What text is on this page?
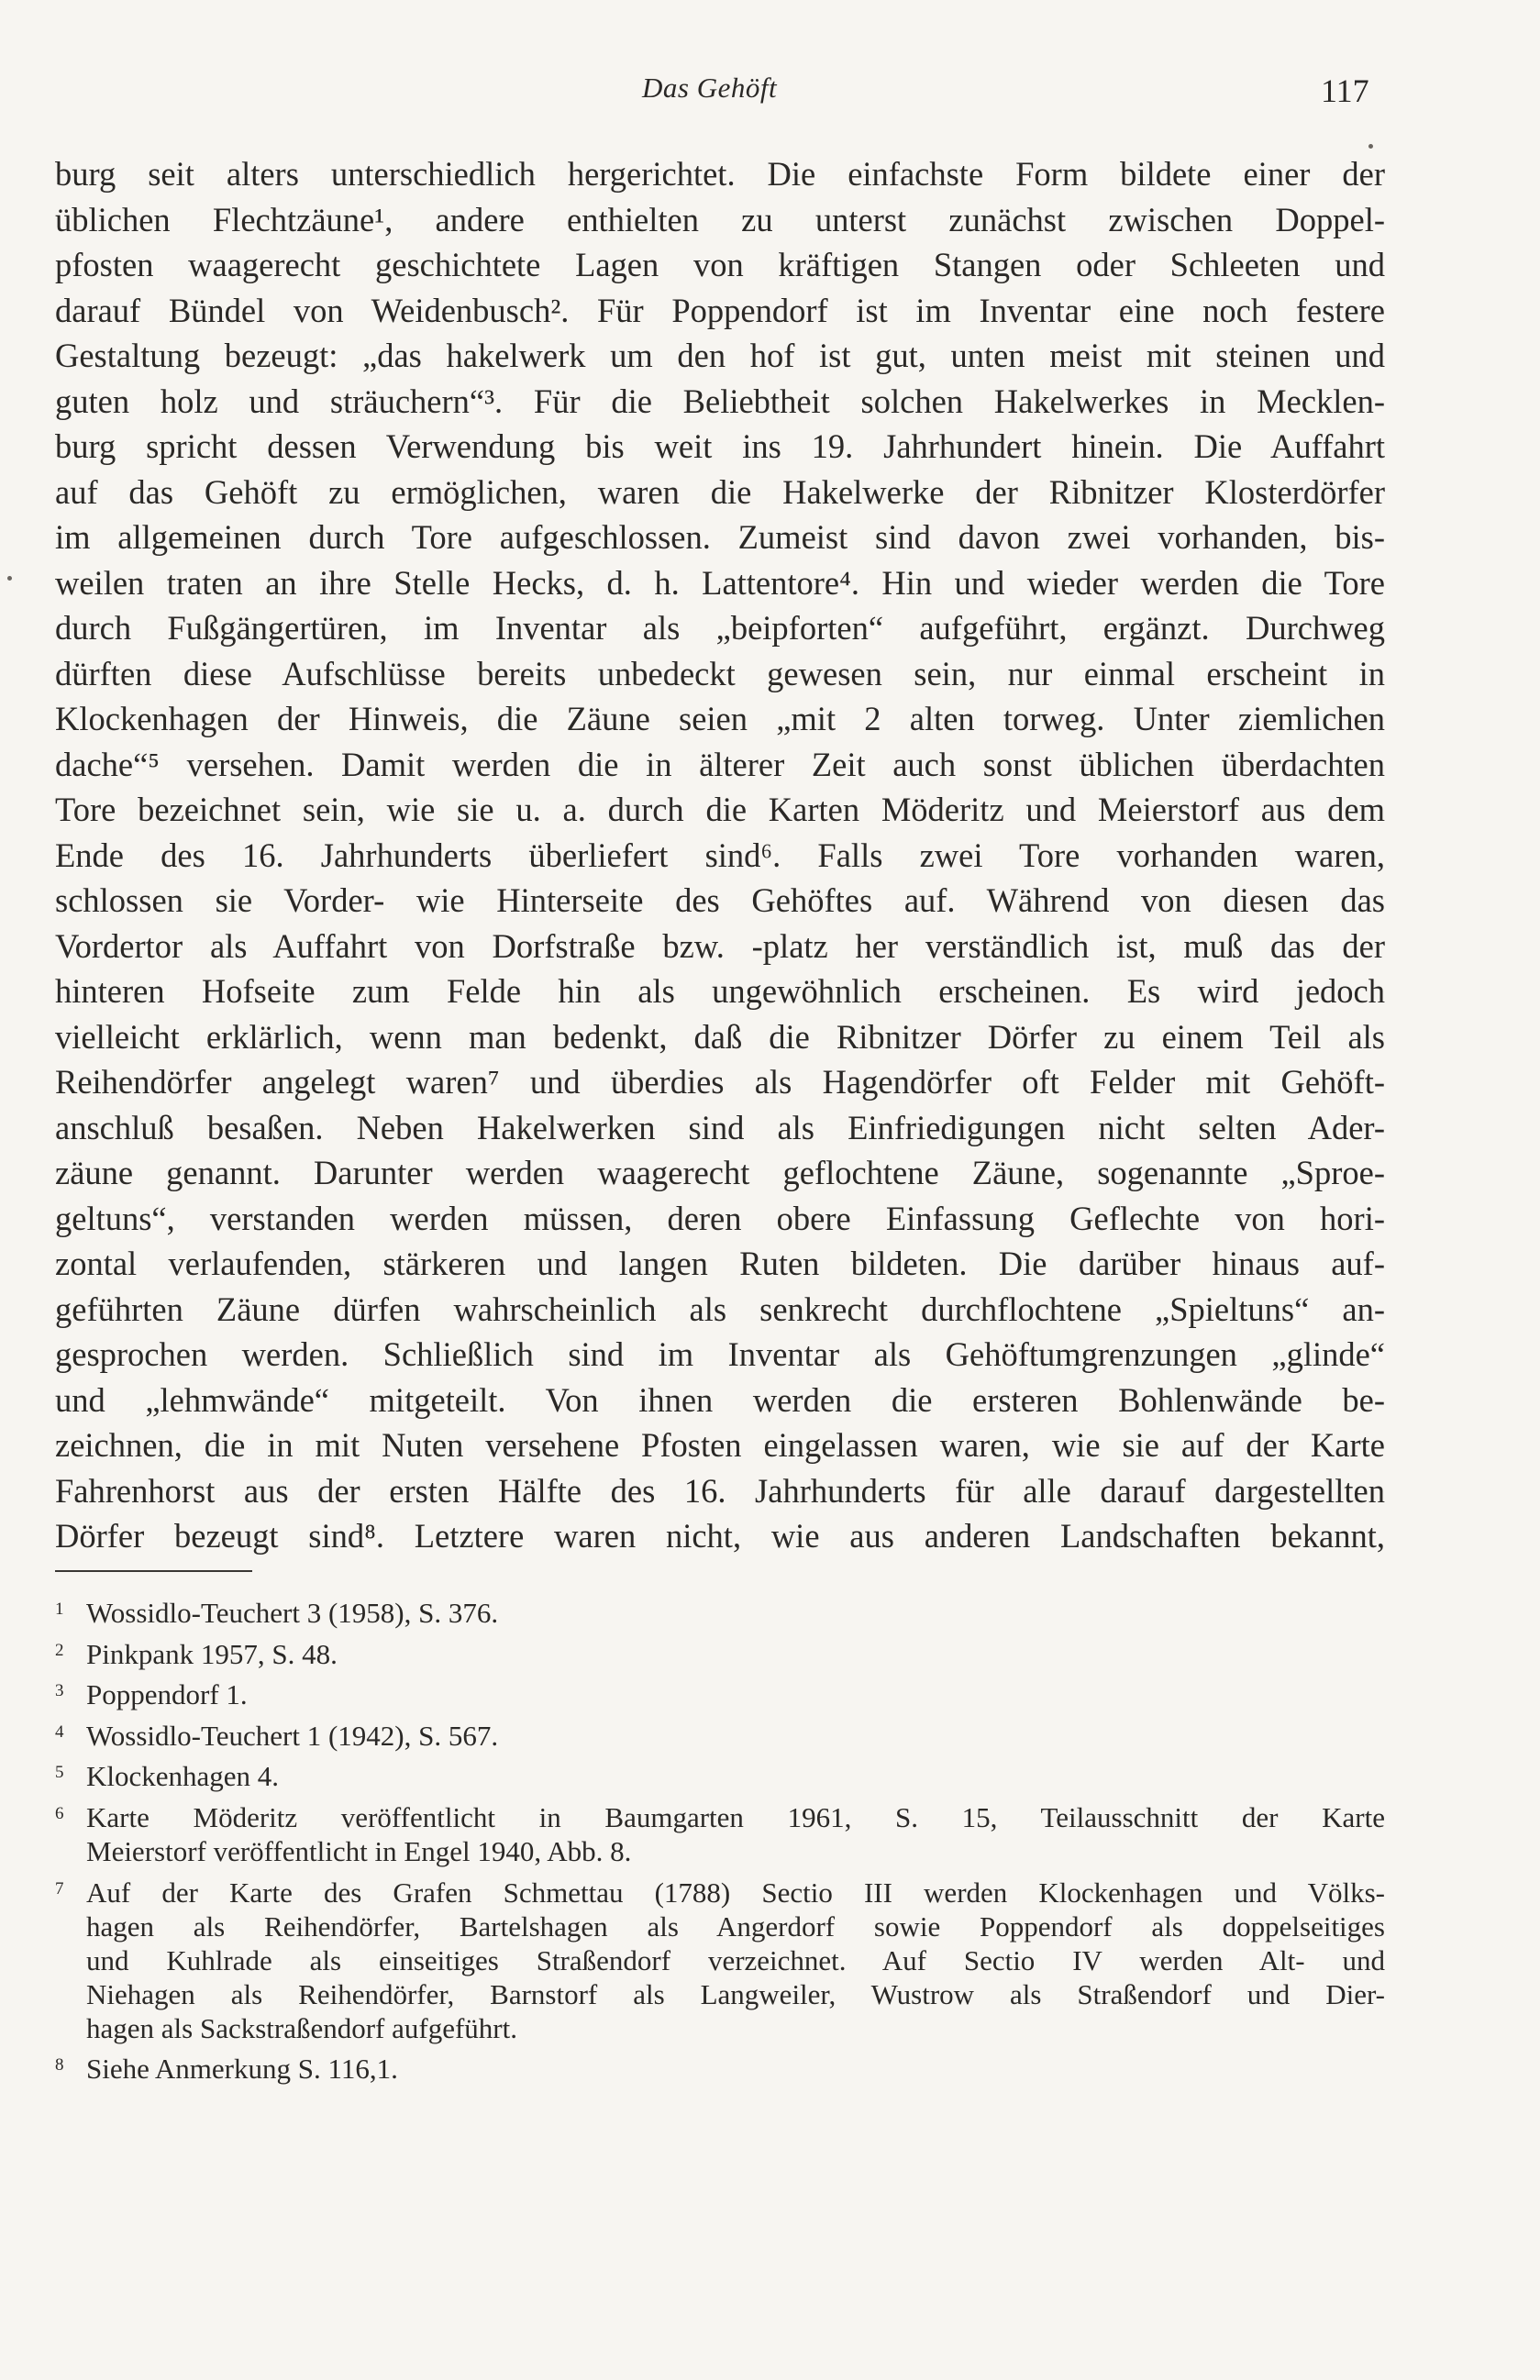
Das Gehöft	117
burg seit alters unterschiedlich hergerichtet. Die einfachste Form bildete einer der
üblichen Flechtzäune¹, andere enthielten zu unterst zunächst zwischen Doppel-
pfosten waagerecht geschichtete Lagen von kräftigen Stangen oder Schleeten und
darauf Bündel von Weidenbusch². Für Poppendorf ist im Inventar eine noch festere
Gestaltung bezeugt: „das hakelwerk um den hof ist gut, unten meist mit steinen und
guten holz und sträuchern“³. Für die Beliebtheit solchen Hakelwerkes in Mecklen-
burg spricht dessen Verwendung bis weit ins 19. Jahrhundert hinein. Die Auffahrt
auf das Gehöft zu ermöglichen, waren die Hakelwerke der Ribnitzer Klosterdörfer
im allgemeinen durch Tore aufgeschlossen. Zumeist sind davon zwei vorhanden, bis-
weilen traten an ihre Stelle Hecks, d. h. Lattentore⁴. Hin und wieder werden die Tore
durch Fußgängertüren, im Inventar als „beipforten“ aufgeführt, ergänzt. Durchweg
dürften diese Aufschlüsse bereits unbedeckt gewesen sein, nur einmal erscheint in
Klockenhagen der Hinweis, die Zäune seien „mit 2 alten torweg. Unter ziemlichen
dache“⁵ versehen. Damit werden die in älterer Zeit auch sonst üblichen überdachten
Tore bezeichnet sein, wie sie u. a. durch die Karten Möderitz und Meierstorf aus dem
Ende des 16. Jahrhunderts überliefert sind⁶. Falls zwei Tore vorhanden waren,
schlossen sie Vorder- wie Hinterseite des Gehöftes auf. Während von diesen das
Vordertor als Auffahrt von Dorfstraße bzw. -platz her verständlich ist, muß das der
hinteren Hofseite zum Felde hin als ungewöhnlich erscheinen. Es wird jedoch
vielleicht erklärlich, wenn man bedenkt, daß die Ribnitzer Dörfer zu einem Teil als
Reihendörfer angelegt waren⁷ und überdies als Hagendörfer oft Felder mit Gehöft-
anschluß besaßen. Neben Hakelwerken sind als Einfriedigungen nicht selten Ader-
zäune genannt. Darunter werden waagerecht geflochtene Zäune, sogenannte „Sproe-
geltuns“, verstanden werden müssen, deren obere Einfassung Geflechte von hori-
zontal verlaufenden, stärkeren und langen Ruten bildeten. Die darüber hinaus auf-
geführten Zäune dürfen wahrscheinlich als senkrecht durchflochtene „Spieltuns“ an-
gesprochen werden. Schließlich sind im Inventar als Gehöftumgrenzungen „glinde“
und „lehmwände“ mitgeteilt. Von ihnen werden die ersteren Bohlenwände be-
zeichnen, die in mit Nuten versehene Pfosten eingelassen waren, wie sie auf der Karte
Fahrenhorst aus der ersten Hälfte des 16. Jahrhunderts für alle darauf dargestellten
Dörfer bezeugt sind⁸. Letztere waren nicht, wie aus anderen Landschaften bekannt,
1 Wossidlo-Teuchert 3 (1958), S. 376.
2 Pinkpank 1957, S. 48.
3 Poppendorf 1.
4 Wossidlo-Teuchert 1 (1942), S. 567.
5 Klockenhagen 4.
6 Karte Möderitz veröffentlicht in Baumgarten 1961, S. 15, Teilausschnitt der Karte
Meierstorf veröffentlicht in Engel 1940, Abb. 8.
7 Auf der Karte des Grafen Schmettau (1788) Sectio III werden Klockenhagen und Völks-
hagen als Reihendörfer, Bartelshagen als Angerdorf sowie Poppendorf als doppelseitiges
und Kuhlrade als einseitiges Straßendorf verzeichnet. Auf Sectio IV werden Alt- und
Niehagen als Reihendörfer, Barnstorf als Langweiler, Wustrow als Straßendorf und Dier-
hagen als Sackstraßendorf aufgeführt.
8 Siehe Anmerkung S. 116,1.
